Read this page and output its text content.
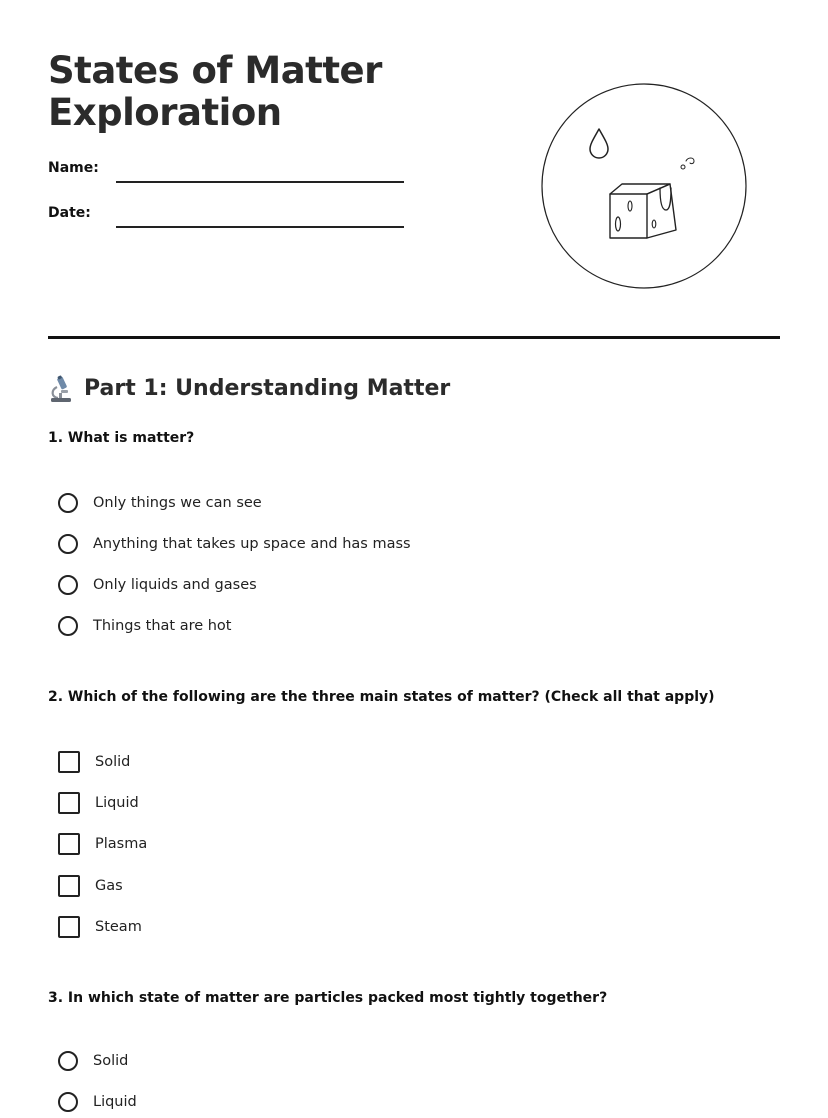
States of Matter
Exploration
Name:
Date:
Part 1: Understanding Matter
1. What is matter?
Only things we can see
Anything that takes up space and has mass
Only liquids and gases
Things that are hot
2. Which of the following are the three main states of matter? (Check all that apply)
Solid
Liquid
Plasma
Gas
Steam
3. In which state of matter are particles packed most tightly together?
Solid
Liquid
